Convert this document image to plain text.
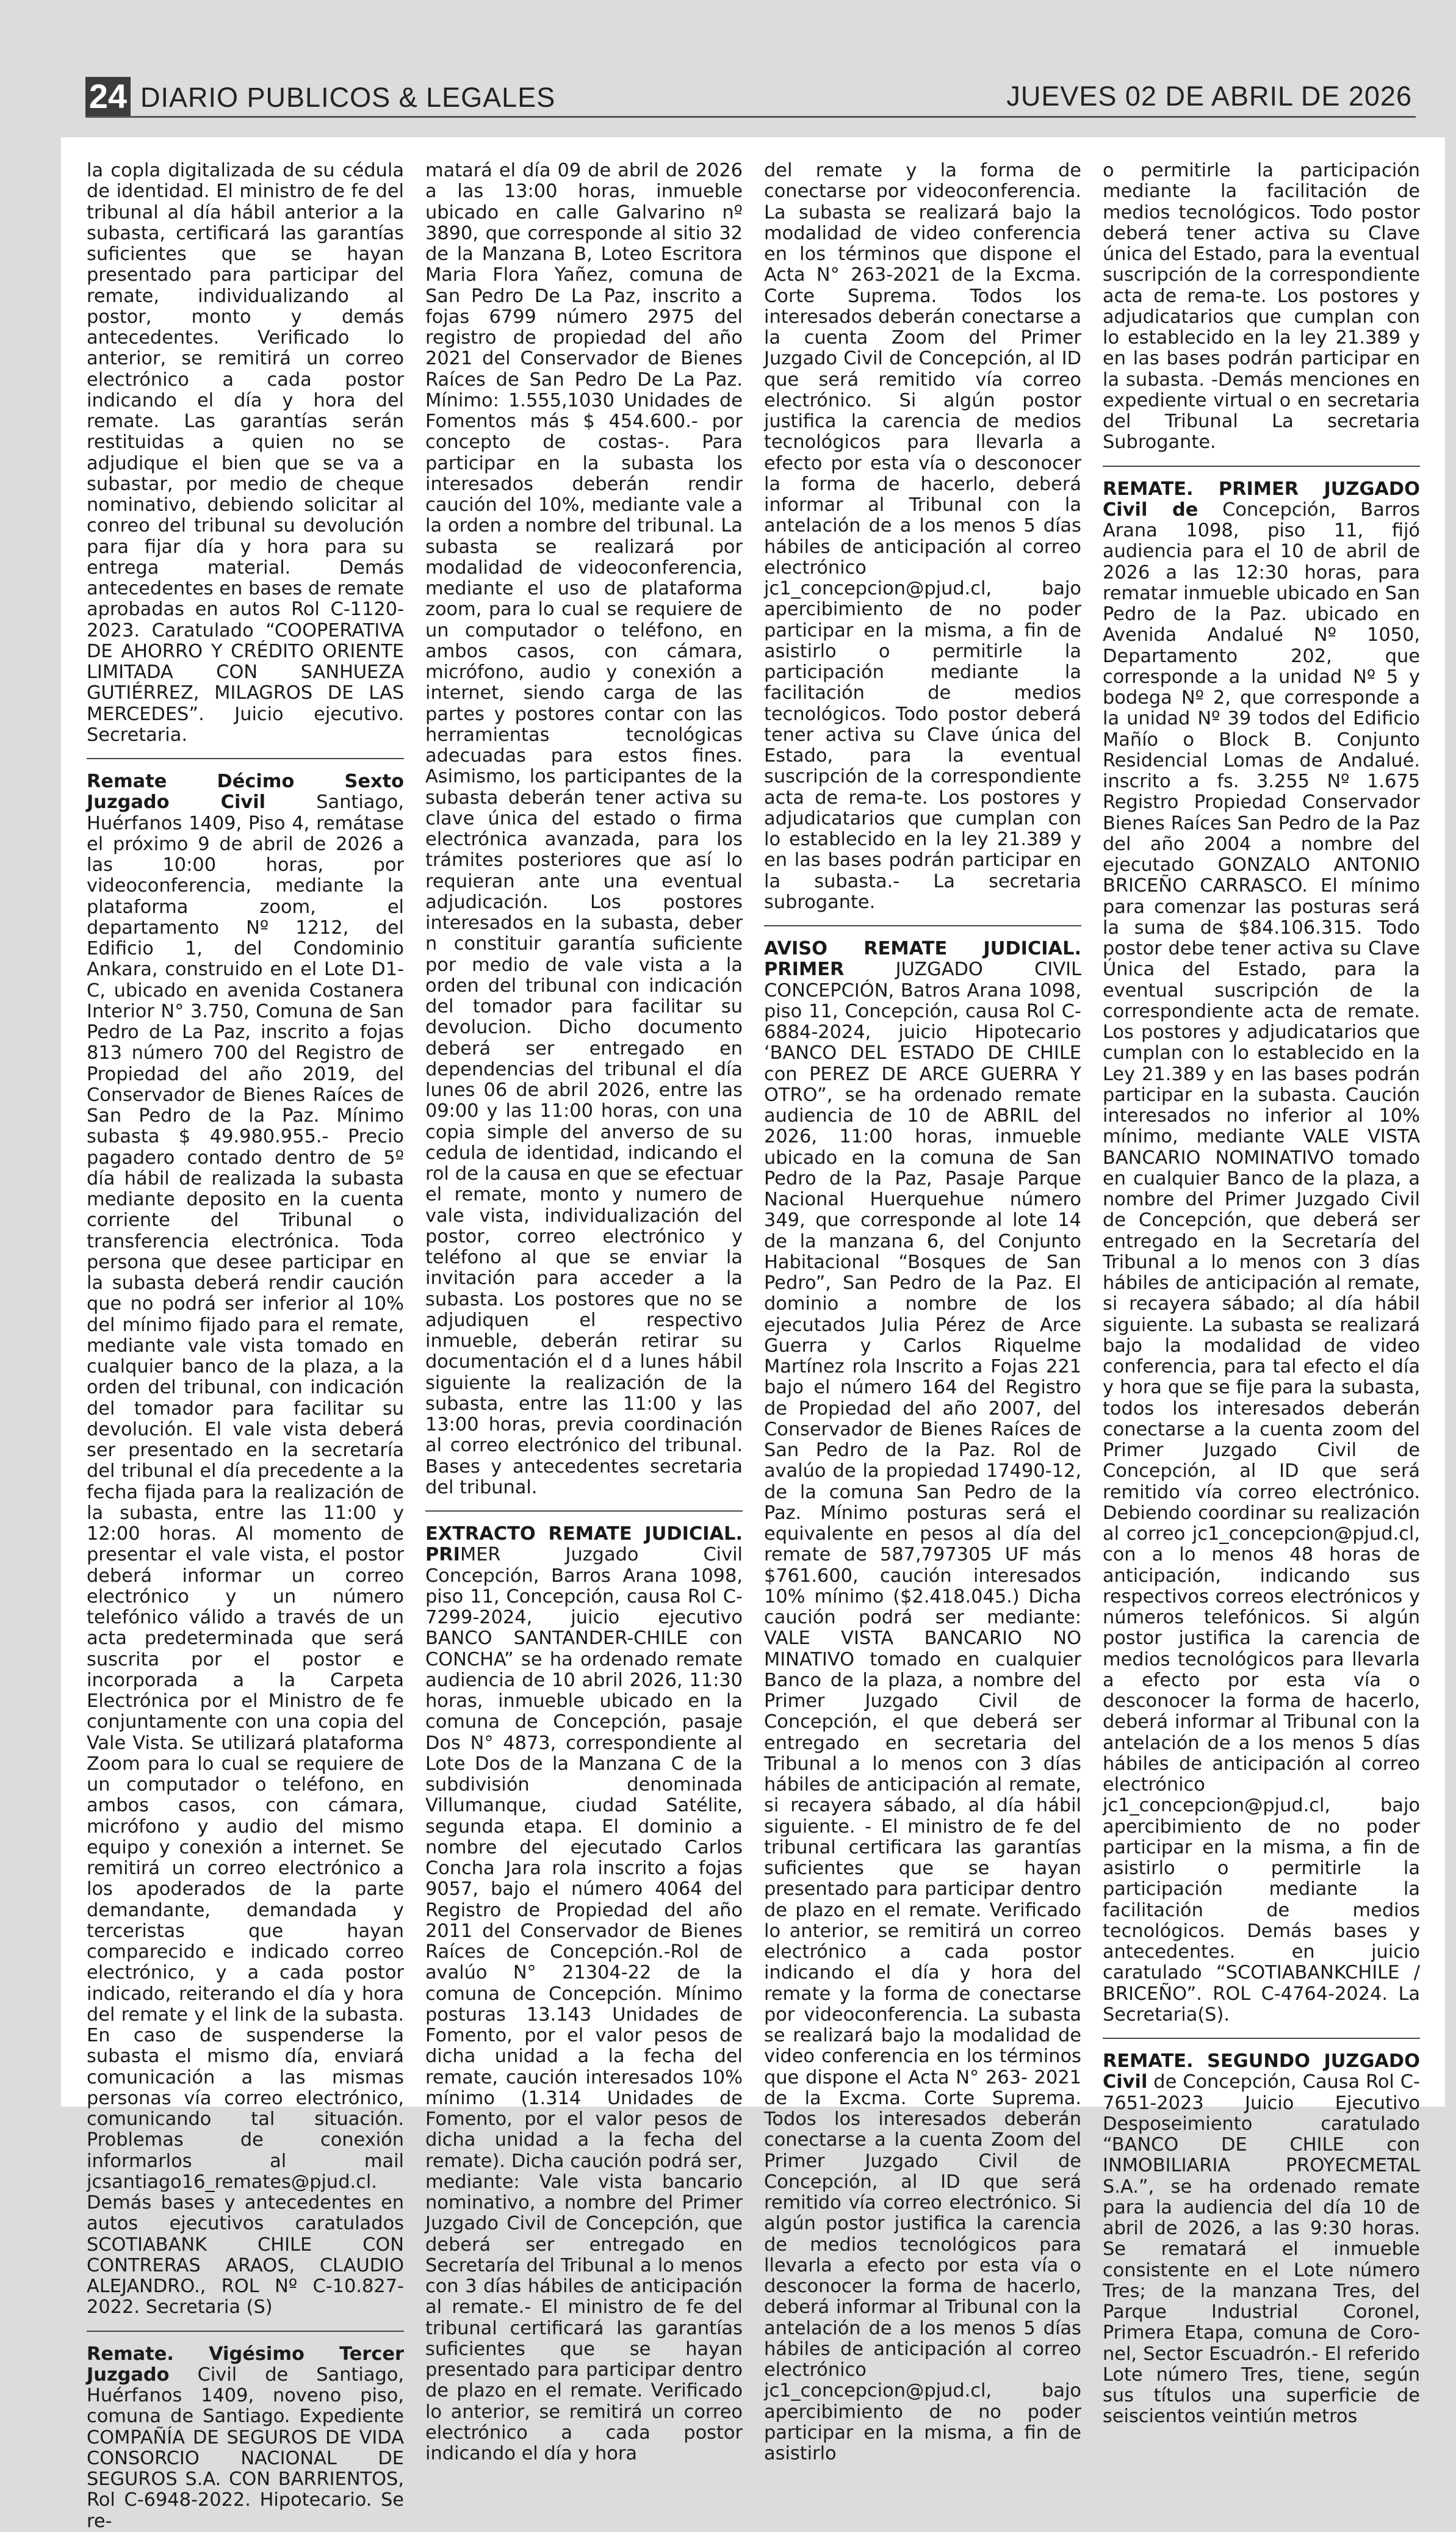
24 DIARIO PUBLICOS & LEGALES	JUEVES 02 DE ABRIL DE 2026

la copla digitalizada de su cédula de identidad. El ministro de fe del tribunal al día hábil anterior a la subasta, certificará las garantías suficientes que se hayan presentado para participar del remate, individualizando al postor, monto y demás antecedentes. Verificado lo anterior, se remitirá un correo electrónico a cada postor indicando el día y hora del remate. Las garantías serán restituidas a quien no se adjudique el bien que se va a subastar, por medio de cheque nominativo, debiendo solicitar al conreo del tribunal su devolución para fijar día y hora para su entrega material. Demás antecedentes en bases de remate aprobadas en autos Rol C-1120-2023. Caratulado “COOPERATIVA DE AHORRO Y CRÉDITO ORIENTE LIMITADA CON SANHUEZA GUTIÉRREZ, MILAGROS DE LAS MERCEDES”. Juicio ejecutivo. Secretaria.

Remate Décimo Sexto Juzgado Civil Santiago, Huérfanos 1409, Piso 4, remátase el próximo 9 de abril de 2026 a las 10:00 horas, por videoconferencia, mediante la plataforma zoom, el departamento Nº 1212, del Edificio 1, del Condominio Ankara, construido en el Lote D1-C, ubicado en avenida Costanera Interior N° 3.750, Comuna de San Pedro de La Paz, inscrito a fojas 813 número 700 del Registro de Propiedad del año 2019, del Conservador de Bienes Raíces de San Pedro de la Paz. Mínimo subasta $ 49.980.955.- Precio pagadero contado dentro de 5º día hábil de realizada la subasta mediante deposito en la cuenta corriente del Tribunal o transferencia electrónica. Toda persona que desee participar en la subasta deberá rendir caución que no podrá ser inferior al 10% del mínimo fijado para el remate, mediante vale vista tomado en cualquier banco de la plaza, a la orden del tribunal, con indicación del tomador para facilitar su devolución. El vale vista deberá ser presentado en la secretaría del tribunal el día precedente a la fecha fijada para la realización de la subasta, entre las 11:00 y 12:00 horas. Al momento de presentar el vale vista, el postor deberá informar un correo electrónico y un número telefónico válido a través de un acta predeterminada que será suscrita por el postor e incorporada a la Carpeta Electrónica por el Ministro de fe conjuntamente con una copia del Vale Vista. Se utilizará plataforma Zoom para lo cual se requiere de un computador o teléfono, en ambos casos, con cámara, micrófono y audio del mismo equipo y conexión a internet. Se remitirá un correo electrónico a los apoderados de la parte demandante, demandada y terceristas que hayan comparecido e indicado correo electrónico, y a cada postor indicado, reiterando el día y hora del remate y el link de la subasta. En caso de suspenderse la subasta el mismo día, enviará comunicación a las mismas personas vía correo electrónico, comunicando tal situación. Problemas de conexión informarlos al mail jcsantiago16_remates@pjud.cl. Demás bases y antecedentes en autos ejecutivos caratulados SCOTIABANK CHILE CON CONTRERAS ARAOS, CLAUDIO ALEJANDRO., ROL Nº C-10.827-2022. Secretaria (S)

Remate. Vigésimo Tercer Juzgado Civil de Santiago, Huérfanos 1409, noveno piso, comuna de Santiago. Expediente COMPAÑÍA DE SEGUROS DE VIDA CONSORCIO NACIONAL DE SEGUROS S.A. CON BARRIENTOS, Rol C-6948-2022. Hipotecario. Se re-

matará el día 09 de abril de 2026 a las 13:00 horas, inmueble ubicado en calle Galvarino nº 3890, que corresponde al sitio 32 de la Manzana B, Loteo Escritora Maria Flora Yañez, comuna de San Pedro De La Paz, inscrito a fojas 6799 número 2975 del registro de propiedad del año 2021 del Conservador de Bienes Raíces de San Pedro De La Paz. Mínimo: 1.555,1030 Unidades de Fomentos más $ 454.600.- por concepto de costas-. Para participar en la subasta los interesados deberán rendir caución del 10%, mediante vale a la orden a nombre del tribunal. La subasta se realizará por modalidad de videoconferencia, mediante el uso de plataforma zoom, para lo cual se requiere de un computador o teléfono, en ambos casos, con cámara, micrófono, audio y conexión a internet, siendo carga de las partes y postores contar con las herramientas tecnológicas adecuadas para estos fines. Asimismo, los participantes de la subasta deberán tener activa su clave única del estado o firma electrónica avanzada, para los trámites posteriores que así lo requieran ante una eventual adjudicación. Los postores interesados en la subasta, deber n constituir garantía suficiente por medio de vale vista a la orden del tribunal con indicación del tomador para facilitar su devolucion. Dicho documento deberá ser entregado en dependencias del tribunal el día lunes 06 de abril 2026, entre las 09:00 y las 11:00 horas, con una copia simple del anverso de su cedula de identidad, indicando el rol de la causa en que se efectuar el remate, monto y numero de vale vista, individualización del postor, correo electrónico y teléfono al que se enviar la invitación para acceder a la subasta. Los postores que no se adjudiquen el respectivo inmueble, deberán retirar su documentación el d a lunes hábil siguiente la realización de la subasta, entre las 11:00 y las 13:00 horas, previa coordinación al correo electrónico del tribunal. Bases y antecedentes secretaria del tribunal.

EXTRACTO REMATE JUDICIAL. PRIMER Juzgado Civil Concepción, Barros Arana 1098, piso 11, Concepción, causa Rol C-7299-2024, juicio ejecutivo BANCO SANTANDER-CHILE con CONCHA” se ha ordenado remate audiencia de 10 abril 2026, 11:30 horas, inmueble ubicado en la comuna de Concepción, pasaje Dos N° 4873, correspondiente al Lote Dos de la Manzana C de la subdivisión denominada Villumanque, ciudad Satélite, segunda etapa. El dominio a nombre del ejecutado Carlos Concha Jara rola inscrito a fojas 9057, bajo el número 4064 del Registro de Propiedad del año 2011 del Conservador de Bienes Raíces de Concepción.-Rol de avalúo N° 21304-22 de la comuna de Concepción. Mínimo posturas 13.143 Unidades de Fomento, por el valor pesos de dicha unidad a la fecha del remate, caución interesados 10% mínimo (1.314 Unidades de Fomento, por el valor pesos de dicha unidad a la fecha del remate). Dicha caución podrá ser, mediante: Vale vista bancario nominativo, a nombre del Primer Juzgado Civil de Concepción, que deberá ser entregado en Secretaría del Tribunal a lo menos con 3 días hábiles de anticipación al remate.- El ministro de fe del tribunal certificará las garantías suficientes que se hayan presentado para participar dentro de plazo en el remate. Verificado lo anterior, se remitirá un correo electrónico a cada postor indicando el día y hora

del remate y la forma de conectarse por videoconferencia. La subasta se realizará bajo la modalidad de video conferencia en los términos que dispone el Acta N° 263-2021 de la Excma. Corte Suprema. Todos los interesados deberán conectarse a la cuenta Zoom del Primer Juzgado Civil de Concepción, al ID que será remitido vía correo electrónico. Si algún postor justifica la carencia de medios tecnológicos para llevarla a efecto por esta vía o desconocer la forma de hacerlo, deberá informar al Tribunal con la antelación de a los menos 5 días hábiles de anticipación al correo electrónico jc1_concepcion@pjud.cl, bajo apercibimiento de no poder participar en la misma, a fin de asistirlo o permitirle la participación mediante la facilitación de medios tecnológicos. Todo postor deberá tener activa su Clave única del Estado, para la eventual suscripción de la correspondiente acta de rema-te. Los postores y adjudicatarios que cumplan con lo establecido en la ley 21.389 y en las bases podrán participar en la subasta.- La secretaria subrogante.

AVISO REMATE JUDICIAL. PRIMER JUZGADO CIVIL CONCEPCIÓN, Batros Arana 1098, piso 11, Concepción, causa Rol C- 6884-2024, juicio Hipotecario ‘BANCO DEL ESTADO DE CHILE con PEREZ DE ARCE GUERRA Y OTRO”, se ha ordenado remate audiencia de 10 de ABRIL del 2026, 11:00 horas, inmueble ubicado en la comuna de San Pedro de la Paz, Pasaje Parque Nacional Huerquehue número 349, que corresponde al lote 14 de la manzana 6, del Conjunto Habitacional “Bosques de San Pedro”, San Pedro de la Paz. El dominio a nombre de los ejecutados Julia Pérez de Arce Guerra y Carlos Riquelme Martínez rola Inscrito a Fojas 221 bajo el número 164 del Registro de Propiedad del año 2007, del Conservador de Bienes Raíces de San Pedro de la Paz. Rol de avalúo de la propiedad 17490-12, de la comuna San Pedro de la Paz. Mínimo posturas será el equivalente en pesos al día del remate de 587,797305 UF más $761.600, caución interesados 10% mínimo ($2.418.045.) Dicha caución podrá ser mediante: VALE VISTA BANCARIO NO MINATIVO tomado en cualquier Banco de la plaza, a nombre del Primer Juzgado Civil de Concepción, el que deberá ser entregado en secretaria del Tribunal a lo menos con 3 días hábiles de anticipación al remate, si recayera sábado, al día hábil siguiente. - El ministro de fe del tribunal certificara las garantías suficientes que se hayan presentado para participar dentro de plazo en el remate. Verificado lo anterior, se remitirá un correo electrónico a cada postor indicando el día y hora del remate y la forma de conectarse por videoconferencia. La subasta se realizará bajo la modalidad de video conferencia en los términos que dispone el Acta N° 263- 2021 de la Excma. Corte Suprema. Todos los interesados deberán conectarse a la cuenta Zoom del Primer Juzgado Civil de Concepción, al ID que será remitido vía correo electrónico. Si algún postor justifica la carencia de medios tecnológicos para llevarla a efecto por esta vía o desconocer la forma de hacerlo, deberá informar al Tribunal con la antelación de a los menos 5 días hábiles de anticipación al correo electrónico jc1_concepcion@pjud.cl, bajo apercibimiento de no poder participar en la misma, a fin de asistirlo

o permitirle la participación mediante la facilitación de medios tecnológicos. Todo postor deberá tener activa su Clave única del Estado, para la eventual suscripción de la correspondiente acta de rema-te. Los postores y adjudicatarios que cumplan con lo establecido en la ley 21.389 y en las bases podrán participar en la subasta. -Demás menciones en expediente virtual o en secretaria del Tribunal La secretaria Subrogante.

REMATE. PRIMER JUZGADO Civil de Concepción, Barros Arana 1098, piso 11, fijó audiencia para el 10 de abril de 2026 a las 12:30 horas, para rematar inmueble ubicado en San Pedro de la Paz. ubicado en Avenida Andalué Nº 1050, Departamento 202, que corresponde a la unidad Nº 5 y bodega Nº 2, que corresponde a la unidad Nº 39 todos del Edificio Mañío o Block B. Conjunto Residencial Lomas de Andalué. inscrito a fs. 3.255 Nº 1.675 Registro Propiedad Conservador Bienes Raíces San Pedro de la Paz del año 2004 a nombre del ejecutado GONZALO ANTONIO BRICEÑO CARRASCO. El mínimo para comenzar las posturas será la suma de $84.106.315. Todo postor debe tener activa su Clave Única del Estado, para la eventual suscripción de la correspondiente acta de remate. Los postores y adjudicatarios que cumplan con lo establecido en la Ley 21.389 y en las bases podrán participar en la subasta. Caución interesados no inferior al 10% mínimo, mediante VALE VISTA BANCARIO NOMINATIVO tomado en cualquier Banco de la plaza, a nombre del Primer Juzgado Civil de Concepción, que deberá ser entregado en la Secretaría del Tribunal a lo menos con 3 días hábiles de anticipación al remate, si recayera sábado; al día hábil siguiente. La subasta se realizará bajo la modalidad de video conferencia, para tal efecto el día y hora que se fije para la subasta, todos los interesados deberán conectarse a la cuenta zoom del Primer Juzgado Civil de Concepción, al ID que será remitido vía correo electrónico. Debiendo coordinar su realización al correo jc1_concepcion@pjud.cl, con a lo menos 48 horas de anticipación, indicando sus respectivos correos electrónicos y números telefónicos. Si algún postor justifica la carencia de medios tecnológicos para llevarla a efecto por esta vía o desconocer la forma de hacerlo, deberá informar al Tribunal con la antelación de a los menos 5 días hábiles de anticipación al correo electrónico jc1_concepcion@pjud.cl, bajo apercibimiento de no poder participar en la misma, a fin de asistirlo o permitirle la participación mediante la facilitación de medios tecnológicos. Demás bases y antecedentes. en juicio caratulado “SCOTIABANKCHILE / BRICEÑO”. ROL C-4764-2024. La Secretaria(S).

REMATE. SEGUNDO JUZGADO Civil de Concepción, Causa Rol C-7651-2023 Juicio Ejecutivo Desposeimiento caratulado “BANCO DE CHILE con INMOBILIARIA PROYECMETAL S.A.”, se ha ordenado remate para la audiencia del día 10 de abril de 2026, a las 9:30 horas. Se rematará el inmueble consistente en el Lote número Tres; de la manzana Tres, del Parque Industrial Coronel, Primera Etapa, comuna de Coro-nel, Sector Escuadrón.- El referido Lote número Tres, tiene, según sus títulos una superficie de seiscientos veintiún metros
